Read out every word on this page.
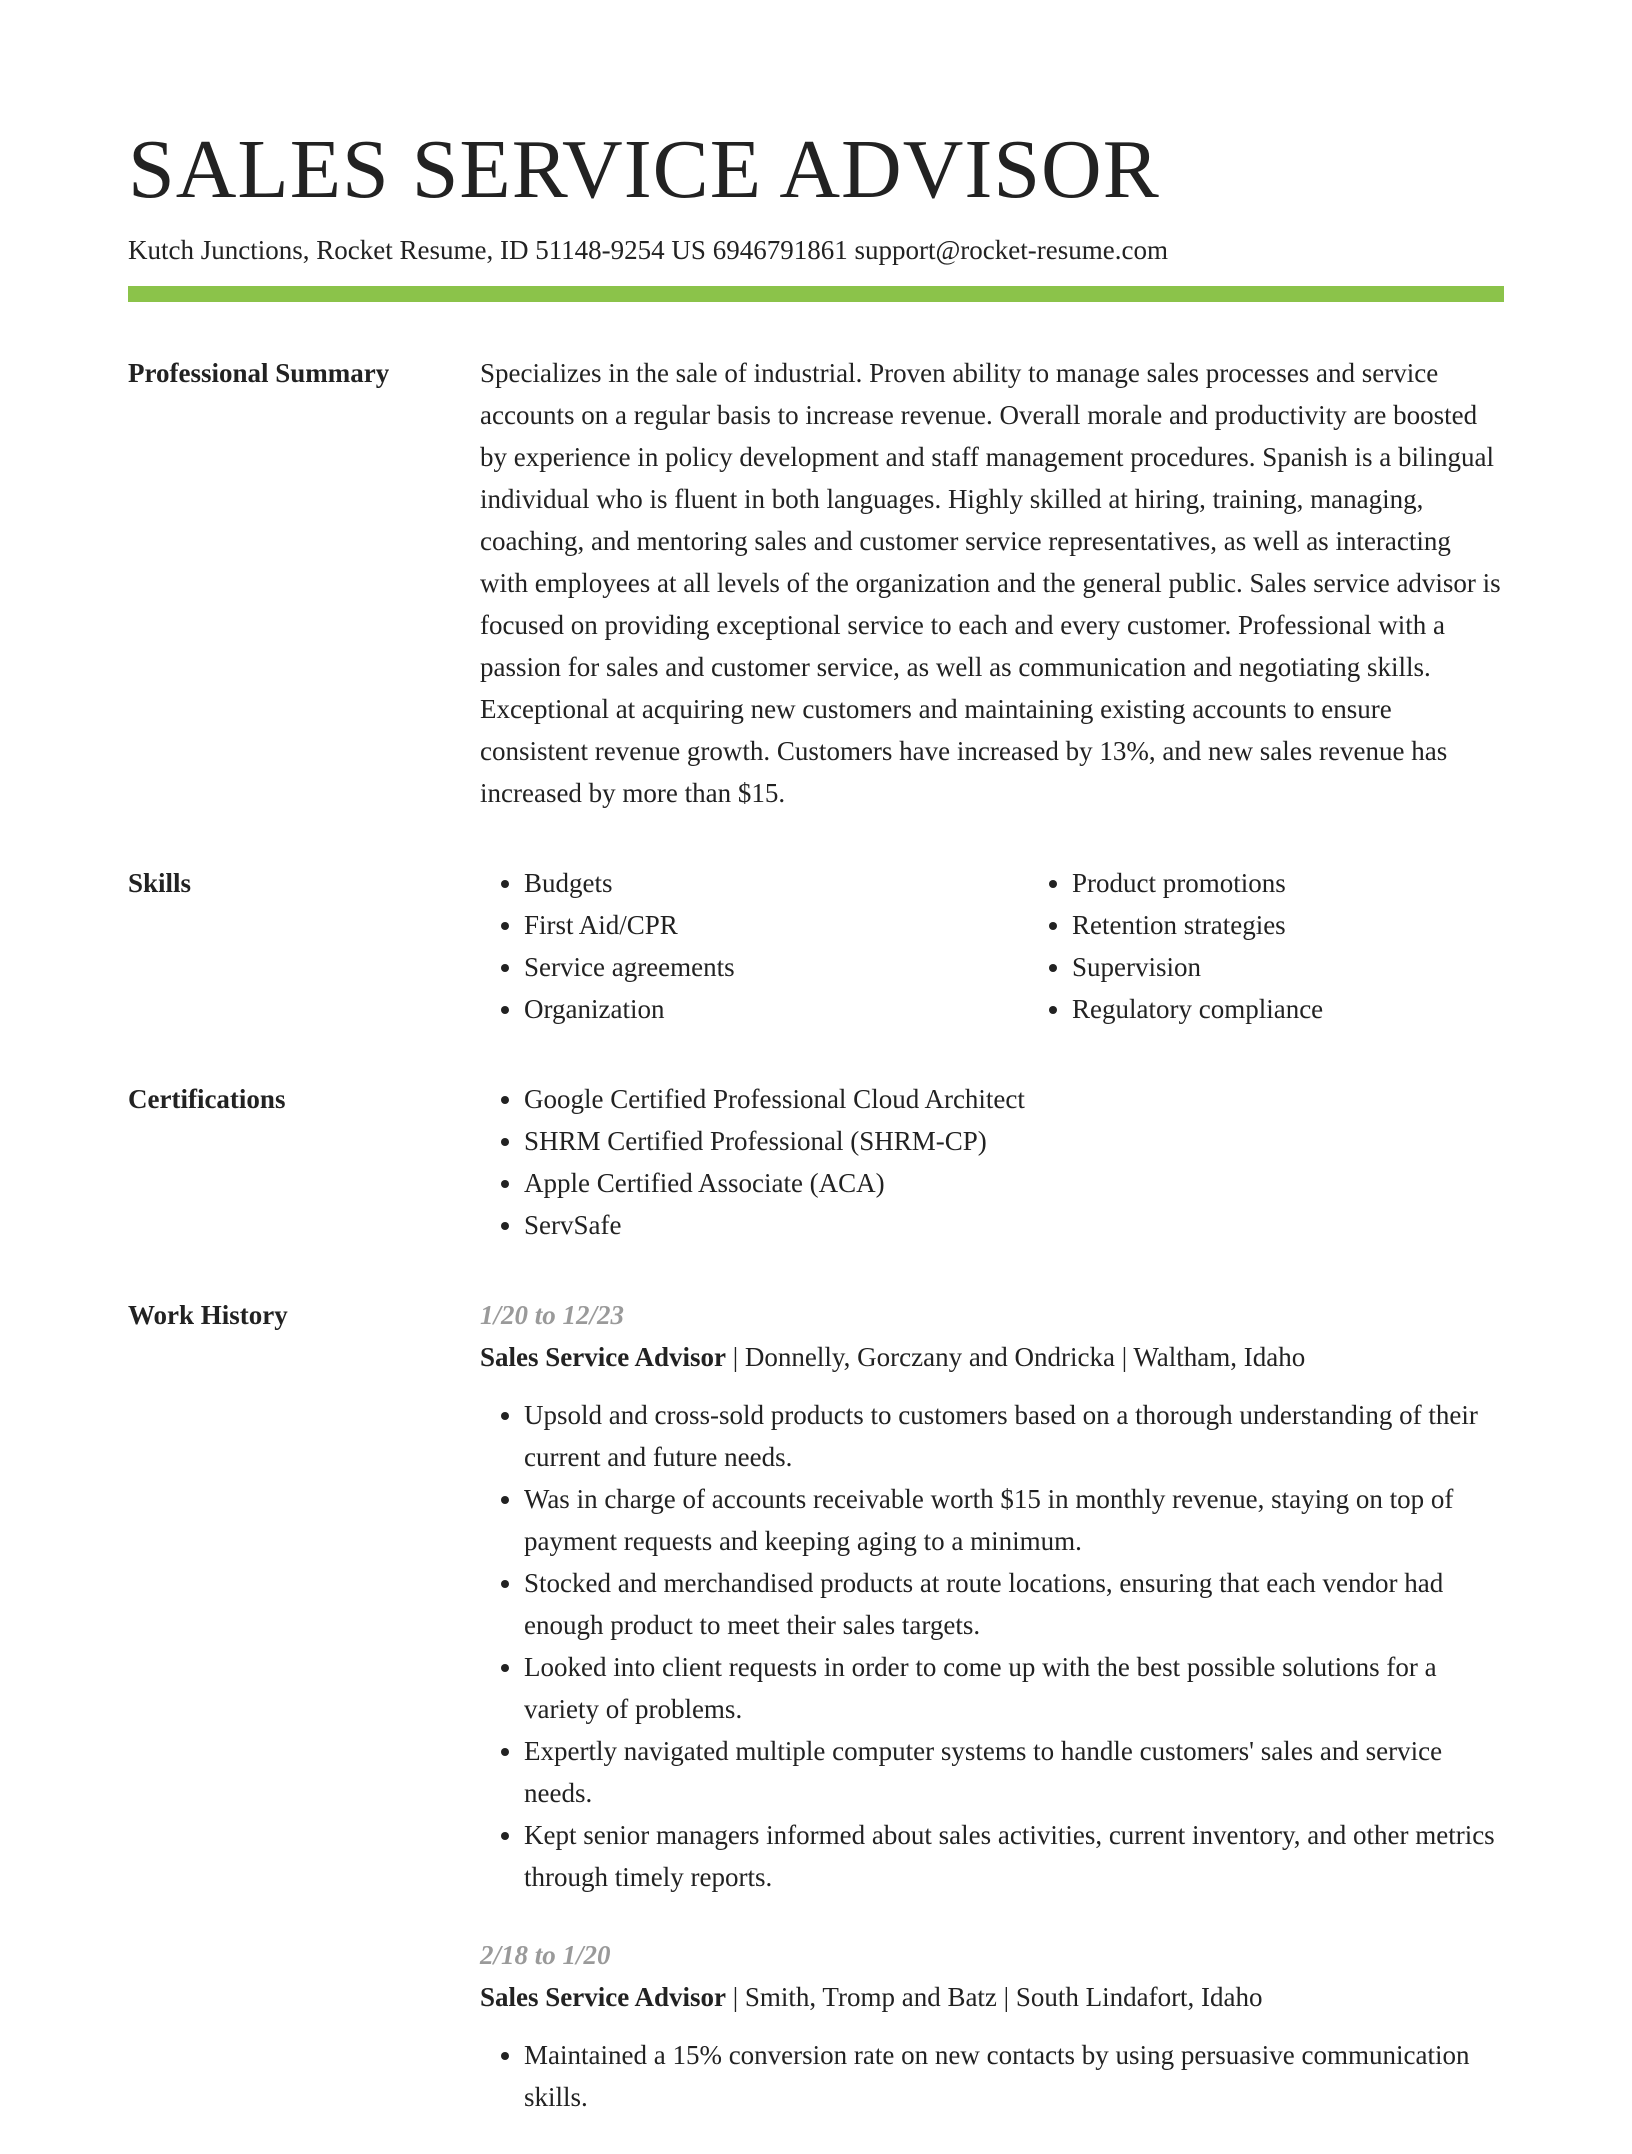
SALES SERVICE ADVISOR
Kutch Junctions, Rocket Resume, ID 51148-9254 US 6946791861 support@rocket-resume.com
Professional Summary	Specializes in the sale of industrial. Proven ability to manage sales processes and service accounts on a regular basis to increase revenue. Overall morale and productivity are boosted by experience in policy development and staff management procedures. Spanish is a bilingual individual who is fluent in both languages. Highly skilled at hiring, training, managing, coaching, and mentoring sales and customer service representatives, as well as interacting with employees at all levels of the organization and the general public. Sales service advisor is focused on providing exceptional service to each and every customer. Professional with a passion for sales and customer service, as well as communication and negotiating skills. Exceptional at acquiring new customers and maintaining existing accounts to ensure consistent revenue growth. Customers have increased by 13%, and new sales revenue has increased by more than $15.

Skills	• Budgets
• First Aid/CPR
• Service agreements
• Organization
• Product promotions
• Retention strategies
• Supervision
• Regulatory compliance
Certifications	• Google Certified Professional Cloud Architect
• SHRM Certified Professional (SHRM-CP)
• Apple Certified Associate (ACA)
• ServSafe
Work History	1/20 to 12/23
Sales Service Advisor | Donnelly, Gorczany and Ondricka | Waltham, Idaho
• Upsold and cross-sold products to customers based on a thorough understanding of their current and future needs.
• Was in charge of accounts receivable worth $15 in monthly revenue, staying on top of payment requests and keeping aging to a minimum.
• Stocked and merchandised products at route locations, ensuring that each vendor had enough product to meet their sales targets.
• Looked into client requests in order to come up with the best possible solutions for a variety of problems.
• Expertly navigated multiple computer systems to handle customers' sales and service needs.
• Kept senior managers informed about sales activities, current inventory, and other metrics through timely reports.
2/18 to 1/20
Sales Service Advisor | Smith, Tromp and Batz | South Lindafort, Idaho
• Maintained a 15% conversion rate on new contacts by using persuasive communication skills.
